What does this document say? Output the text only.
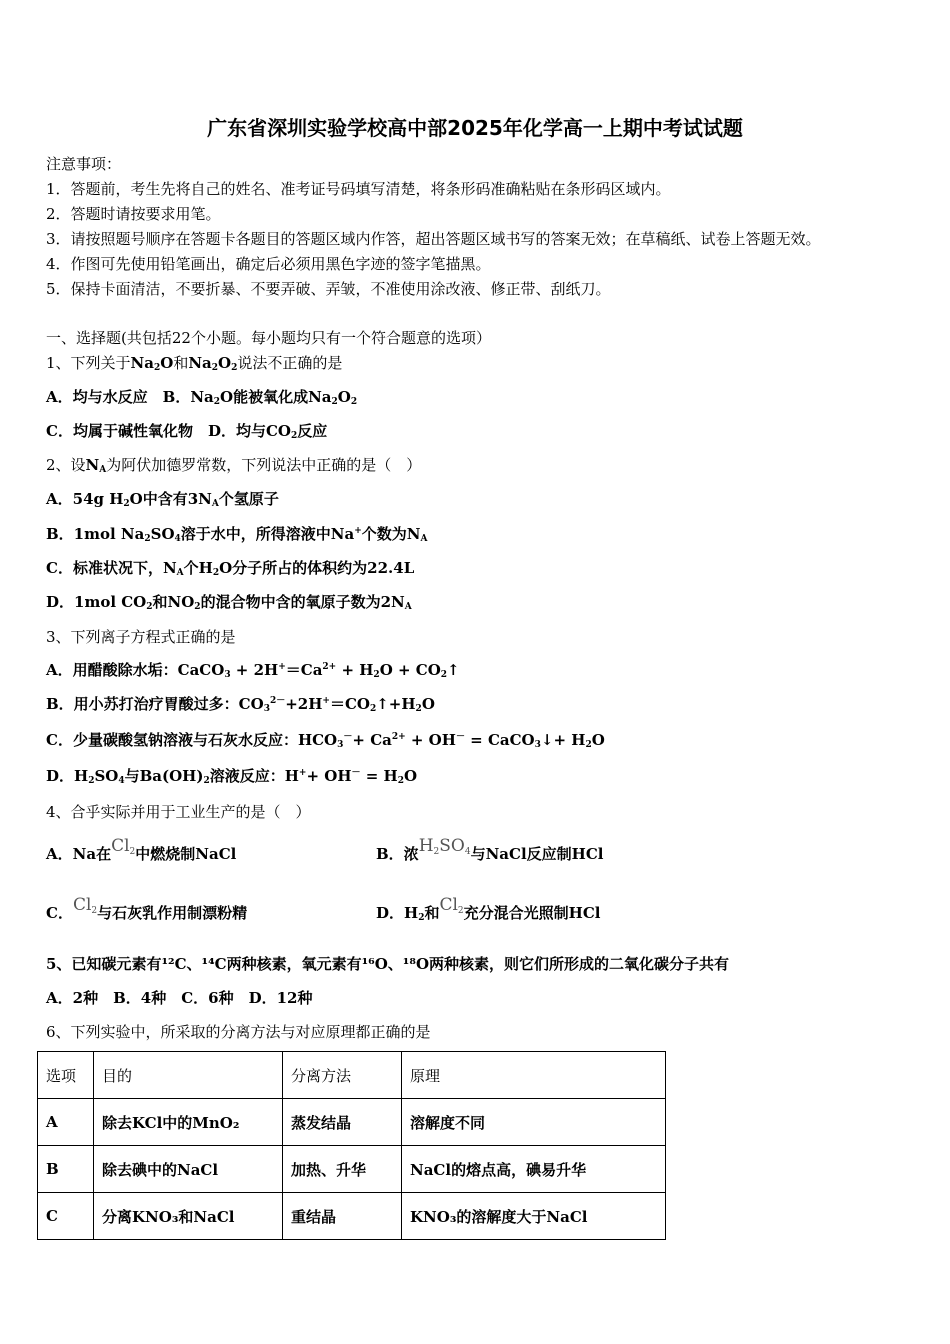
广东省深圳实验学校高中部2025年化学高一上期中考试试题
注意事项：
1．答题前，考生先将自己的姓名、准考证号码填写清楚，将条形码准确粘贴在条形码区域内。
2．答题时请按要求用笔。
3．请按照题号顺序在答题卡各题目的答题区域内作答，超出答题区域书写的答案无效；在草稿纸、试卷上答题无效。
4．作图可先使用铅笔画出，确定后必须用黑色字迹的签字笔描黑。
5．保持卡面清洁，不要折暴、不要弄破、弄皱，不准使用涂改液、修正带、刮纸刀。
一、选择题(共包括22个小题。每小题均只有一个符合题意的选项）
1、下列关于$Na_2O$和$Na_2O_2$说法不正确的是
A．均与水反应　B．$Na_2O$能被氧化成$Na_2O_2$
C．均属于碱性氧化物　D．均与$CO_2$反应
2、设$N_A$为阿伏加德罗常数，下列说法中正确的是（　）
A．54g $H_2O$中含有$3N_A$个氢原子
B．1mol $Na_2SO_4$溶于水中，所得溶液中Na+个数为$N_A$
C．标准状况下，$N_A$个$H_2O$分子所占的体积约为22.4L
D．1mol $CO_2$和$NO_2$的混合物中含的氧原子数为$2N_A$
3、下列离子方程式正确的是
A．用醋酸除水垢：CaCO$_3$ + $2H^+=Ca^{2+} + H_2O$ + $CO_2↑$
B．用小苏打治疗胃酸过多：$CO_3^{2-}+2H^+=CO_2↑+H_2O$
C．少量碳酸氢钠溶液与石灰水反应：$HCO_3^-+ Ca^{2+} + OH^-$ = CaCO$_3$↓+ $H_2O$
D．$H_2SO_4$与$Ba(OH)_2$溶液反应：$H^++ OH^- = H_2O$
4、合乎实际并用于工业生产的是（　）
A．Na在$Cl_2$中燃烧制NaCl	B．浓$H_2SO_4$与NaCl反应制HCl
C．$Cl_2$与石灰乳作用制漂粉精	D．$H_2$和$Cl_2$充分混合光照制HCl
5、已知碳元素有¹²C、¹⁴C两种核素，氧元素有¹⁶O、¹⁸O两种核素，则它们所形成的二氧化碳分子共有
A．2种　B．4种　C．6种　D．12种
6、下列实验中，所采取的分离方法与对应原理都正确的是
选项	目的	分离方法	原理
A	除去KCl中的MnO₂	蒸发结晶	溶解度不同
B	除去碘中的NaCl	加热、升华	NaCl的熔点高，碘易升华
C	分离KNO₃和NaCl	重结晶	KNO₃的溶解度大于NaCl
